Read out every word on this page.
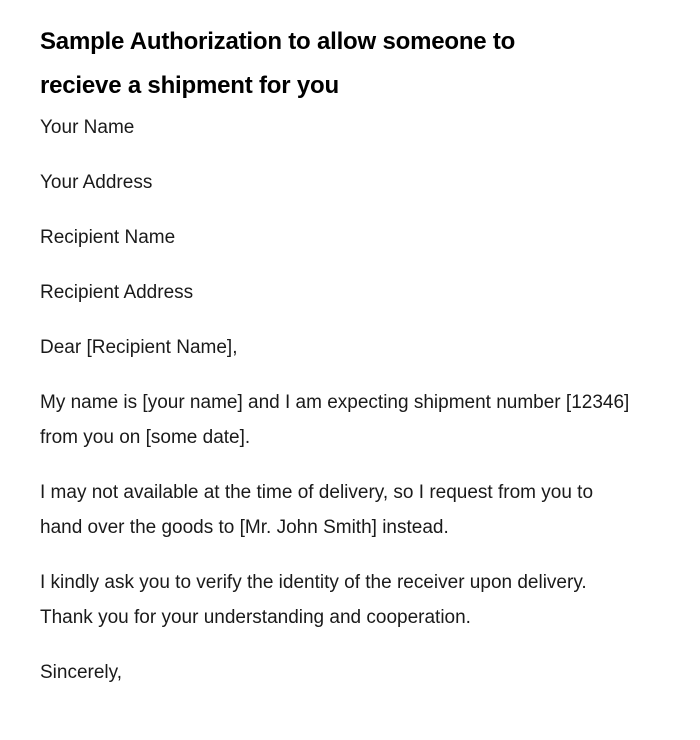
Sample Authorization to allow someone to recieve a shipment for you

Your Name

Your Address

Recipient Name

Recipient Address

Dear [Recipient Name],

My name is [your name] and I am expecting shipment number [12346] from you on [some date].

I may not available at the time of delivery, so I request from you to hand over the goods to [Mr. John Smith] instead.

I kindly ask you to verify the identity of the receiver upon delivery. Thank you for your understanding and cooperation.

Sincerely,
